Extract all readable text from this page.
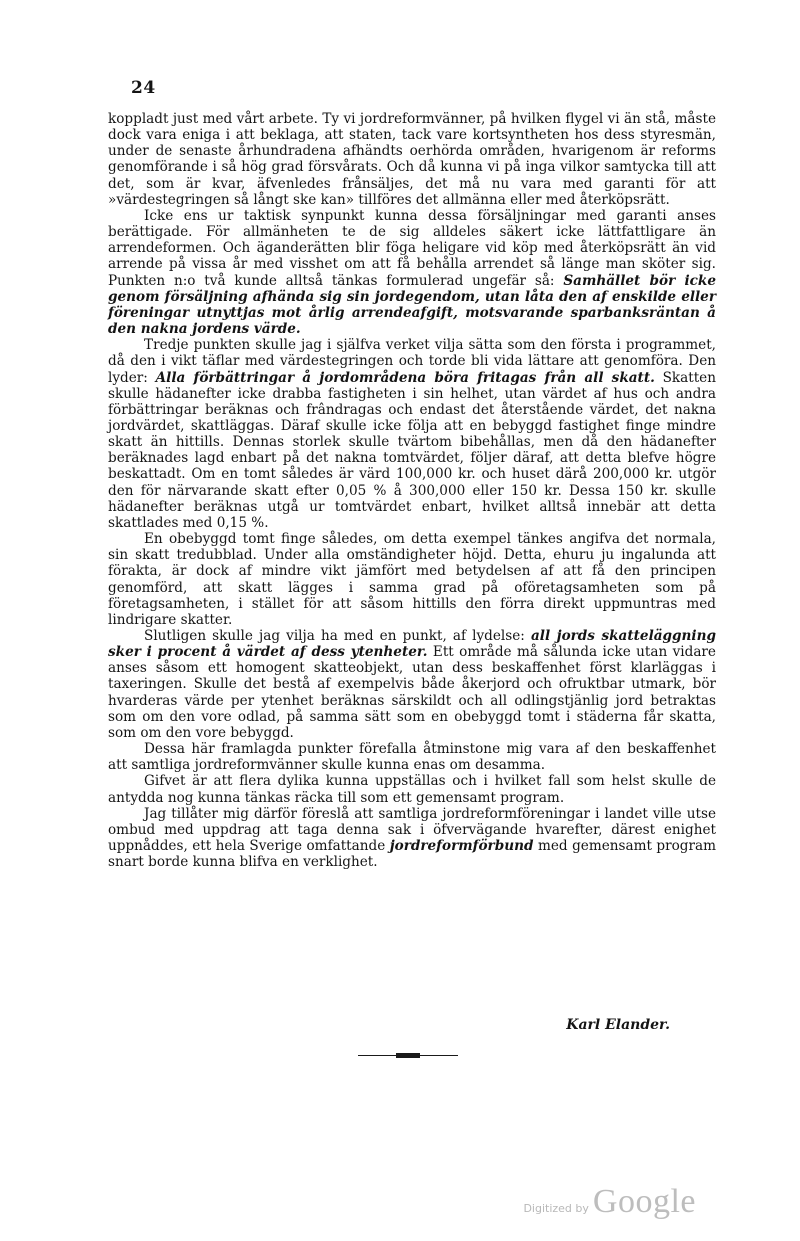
24

koppladt just med vårt arbete. Ty vi jordreformvänner, på hvilken flygel vi än stå, måste dock vara eniga i att beklaga, att staten, tack vare kortsyntheten hos dess styresmän, under de senaste århundradena afhändts oerhörda områden, hvarigenom är reforms genomförande i så hög grad försvårats. Och då kunna vi på inga vilkor samtycka till att det, som är kvar, äfvenledes frånsäljes, det må nu vara med garanti för att »värdestegringen så långt ske kan» tillföres det allmänna eller med återköpsrätt.

Icke ens ur taktisk synpunkt kunna dessa försäljningar med garanti anses berättigade. För allmänheten te de sig alldeles säkert icke lättfattligare än arrendeformen. Och äganderätten blir föga heligare vid köp med återköpsrätt än vid arrende på vissa år med visshet om att få behålla arrendet så länge man sköter sig. Punkten n:o två kunde alltså tänkas formulerad ungefär så: Samhället bör icke genom försäljning afhända sig sin jordegendom, utan låta den af enskilde eller föreningar utnyttjas mot årlig arrendeafgift, motsvarande sparbanksräntan å den nakna jordens värde.

Tredje punkten skulle jag i själfva verket vilja sätta som den första i programmet, då den i vikt täflar med värdestegringen och torde bli vida lättare att genomföra. Den lyder: Alla förbättringar å jordområdena böra fritagas från all skatt. Skatten skulle hädanefter icke drabba fastigheten i sin helhet, utan värdet af hus och andra förbättringar beräknas och frândragas och endast det återstående värdet, det nakna jordvärdet, skattläggas. Däraf skulle icke följa att en bebyggd fastighet finge mindre skatt än hittills. Dennas storlek skulle tvärtom bibehållas, men då den hädanefter beräknades lagd enbart på det nakna tomtvärdet, följer däraf, att detta blefve högre beskattadt. Om en tomt således är värd 100,000 kr. och huset därå 200,000 kr. utgör den för närvarande skatt efter 0,05 % å 300,000 eller 150 kr. Dessa 150 kr. skulle hädanefter beräknas utgå ur tomtvärdet enbart, hvilket alltså innebär att detta skattlades med 0,15 %.

En obebyggd tomt finge således, om detta exempel tänkes angifva det normala, sin skatt tredubblad. Under alla omständigheter höjd. Detta, ehuru ju ingalunda att förakta, är dock af mindre vikt jämfört med betydelsen af att få den principen genomförd, att skatt lägges i samma grad på oföretagsamheten som på företagsamheten, i stället för att såsom hittills den förra direkt uppmuntras med lindrigare skatter.

Slutligen skulle jag vilja ha med en punkt, af lydelse: all jords skatteläggning sker i procent å värdet af dess ytenheter. Ett område må sålunda icke utan vidare anses såsom ett homogent skatteobjekt, utan dess beskaffenhet först klarläggas i taxeringen. Skulle det bestå af exempelvis både åkerjord och ofruktbar utmark, bör hvarderas värde per ytenhet beräknas särskildt och all odlingstjänlig jord betraktas som om den vore odlad, på samma sätt som en obebyggd tomt i städerna får skatta, som om den vore bebyggd.

Dessa här framlagda punkter förefalla åtminstone mig vara af den beskaffenhet att samtliga jordreformvänner skulle kunna enas om desamma.

Gifvet är att flera dylika kunna uppställas och i hvilket fall som helst skulle de antydda nog kunna tänkas räcka till som ett gemensamt program.

Jag tillåter mig därför föreslå att samtliga jordreformföreningar i landet ville utse ombud med uppdrag att taga denna sak i öfvervägande hvarefter, därest enighet uppnåddes, ett hela Sverige omfattande jordreformförbund med gemensamt program snart borde kunna blifva en verklighet.

Karl Elander.
Digitized by Google
